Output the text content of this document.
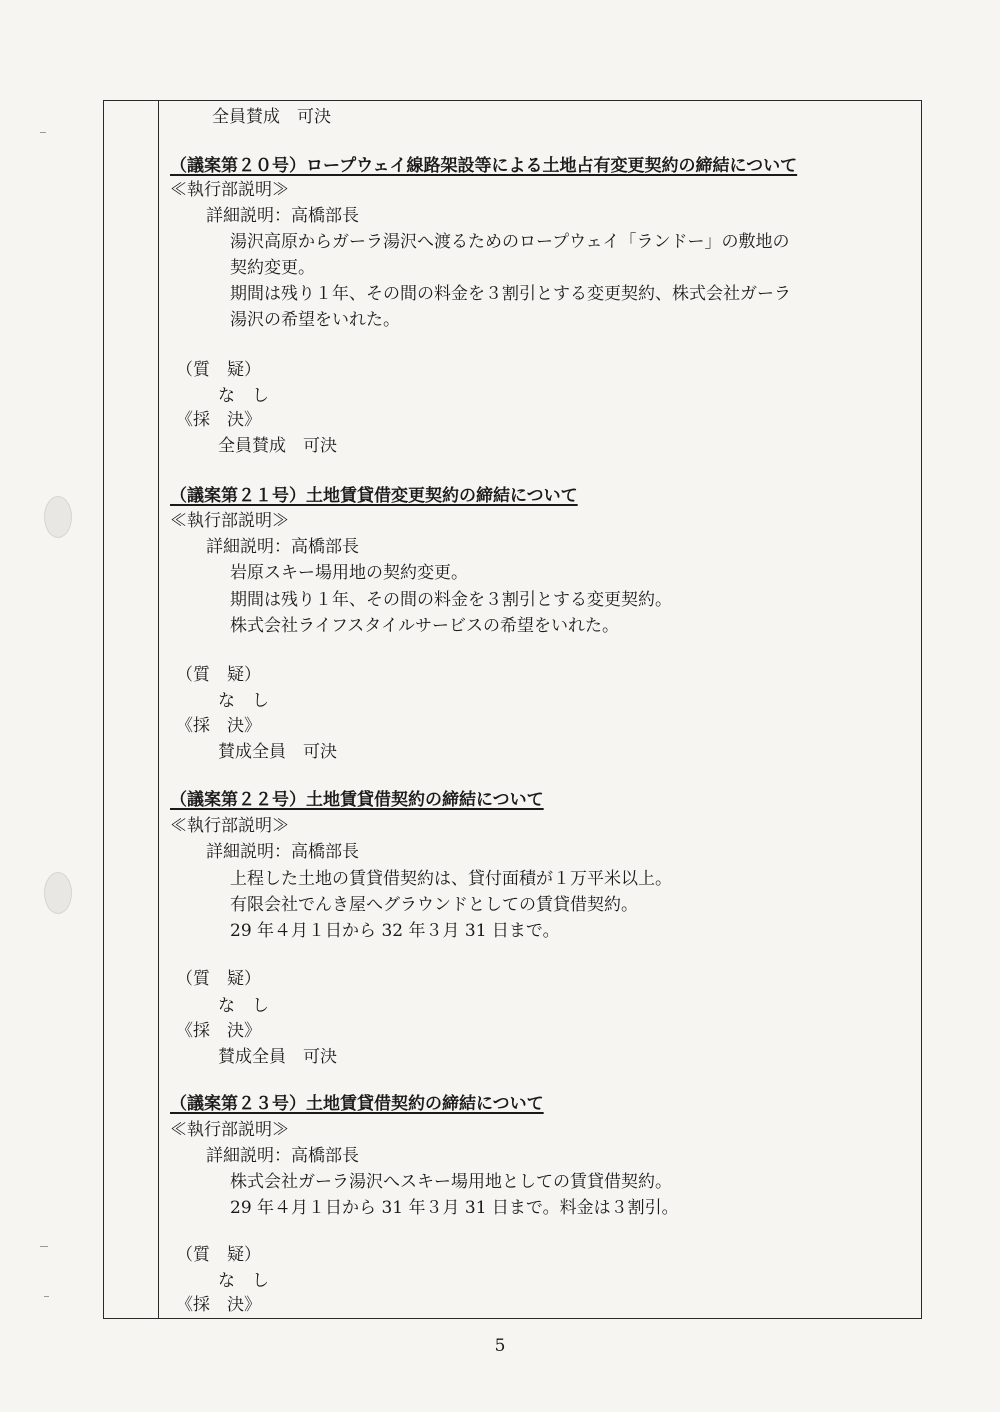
全員賛成　可決
（議案第２０号）ロープウェイ線路架設等による土地占有変更契約の締結について
≪執行部説明≫
詳細説明：高橋部長
湯沢高原からガーラ湯沢へ渡るためのロープウェイ「ランドー」の敷地の
契約変更。
期間は残り１年、その間の料金を３割引とする変更契約、株式会社ガーラ
湯沢の希望をいれた。
（質　疑）
な　し
《採　決》
全員賛成　可決
（議案第２１号）土地賃貸借変更契約の締結について
≪執行部説明≫
詳細説明：高橋部長
岩原スキー場用地の契約変更。
期間は残り１年、その間の料金を３割引とする変更契約。
株式会社ライフスタイルサービスの希望をいれた。
（質　疑）
な　し
《採　決》
賛成全員　可決
（議案第２２号）土地賃貸借契約の締結について
≪執行部説明≫
詳細説明：高橋部長
上程した土地の賃貸借契約は、貸付面積が１万平米以上。
有限会社でんき屋へグラウンドとしての賃貸借契約。
29 年４月１日から 32 年３月 31 日まで。
（質　疑）
な　し
《採　決》
賛成全員　可決
（議案第２３号）土地賃貸借契約の締結について
≪執行部説明≫
詳細説明：高橋部長
株式会社ガーラ湯沢へスキー場用地としての賃貸借契約。
29 年４月１日から 31 年３月 31 日まで。料金は３割引。
（質　疑）
な　し
《採　決》
5
